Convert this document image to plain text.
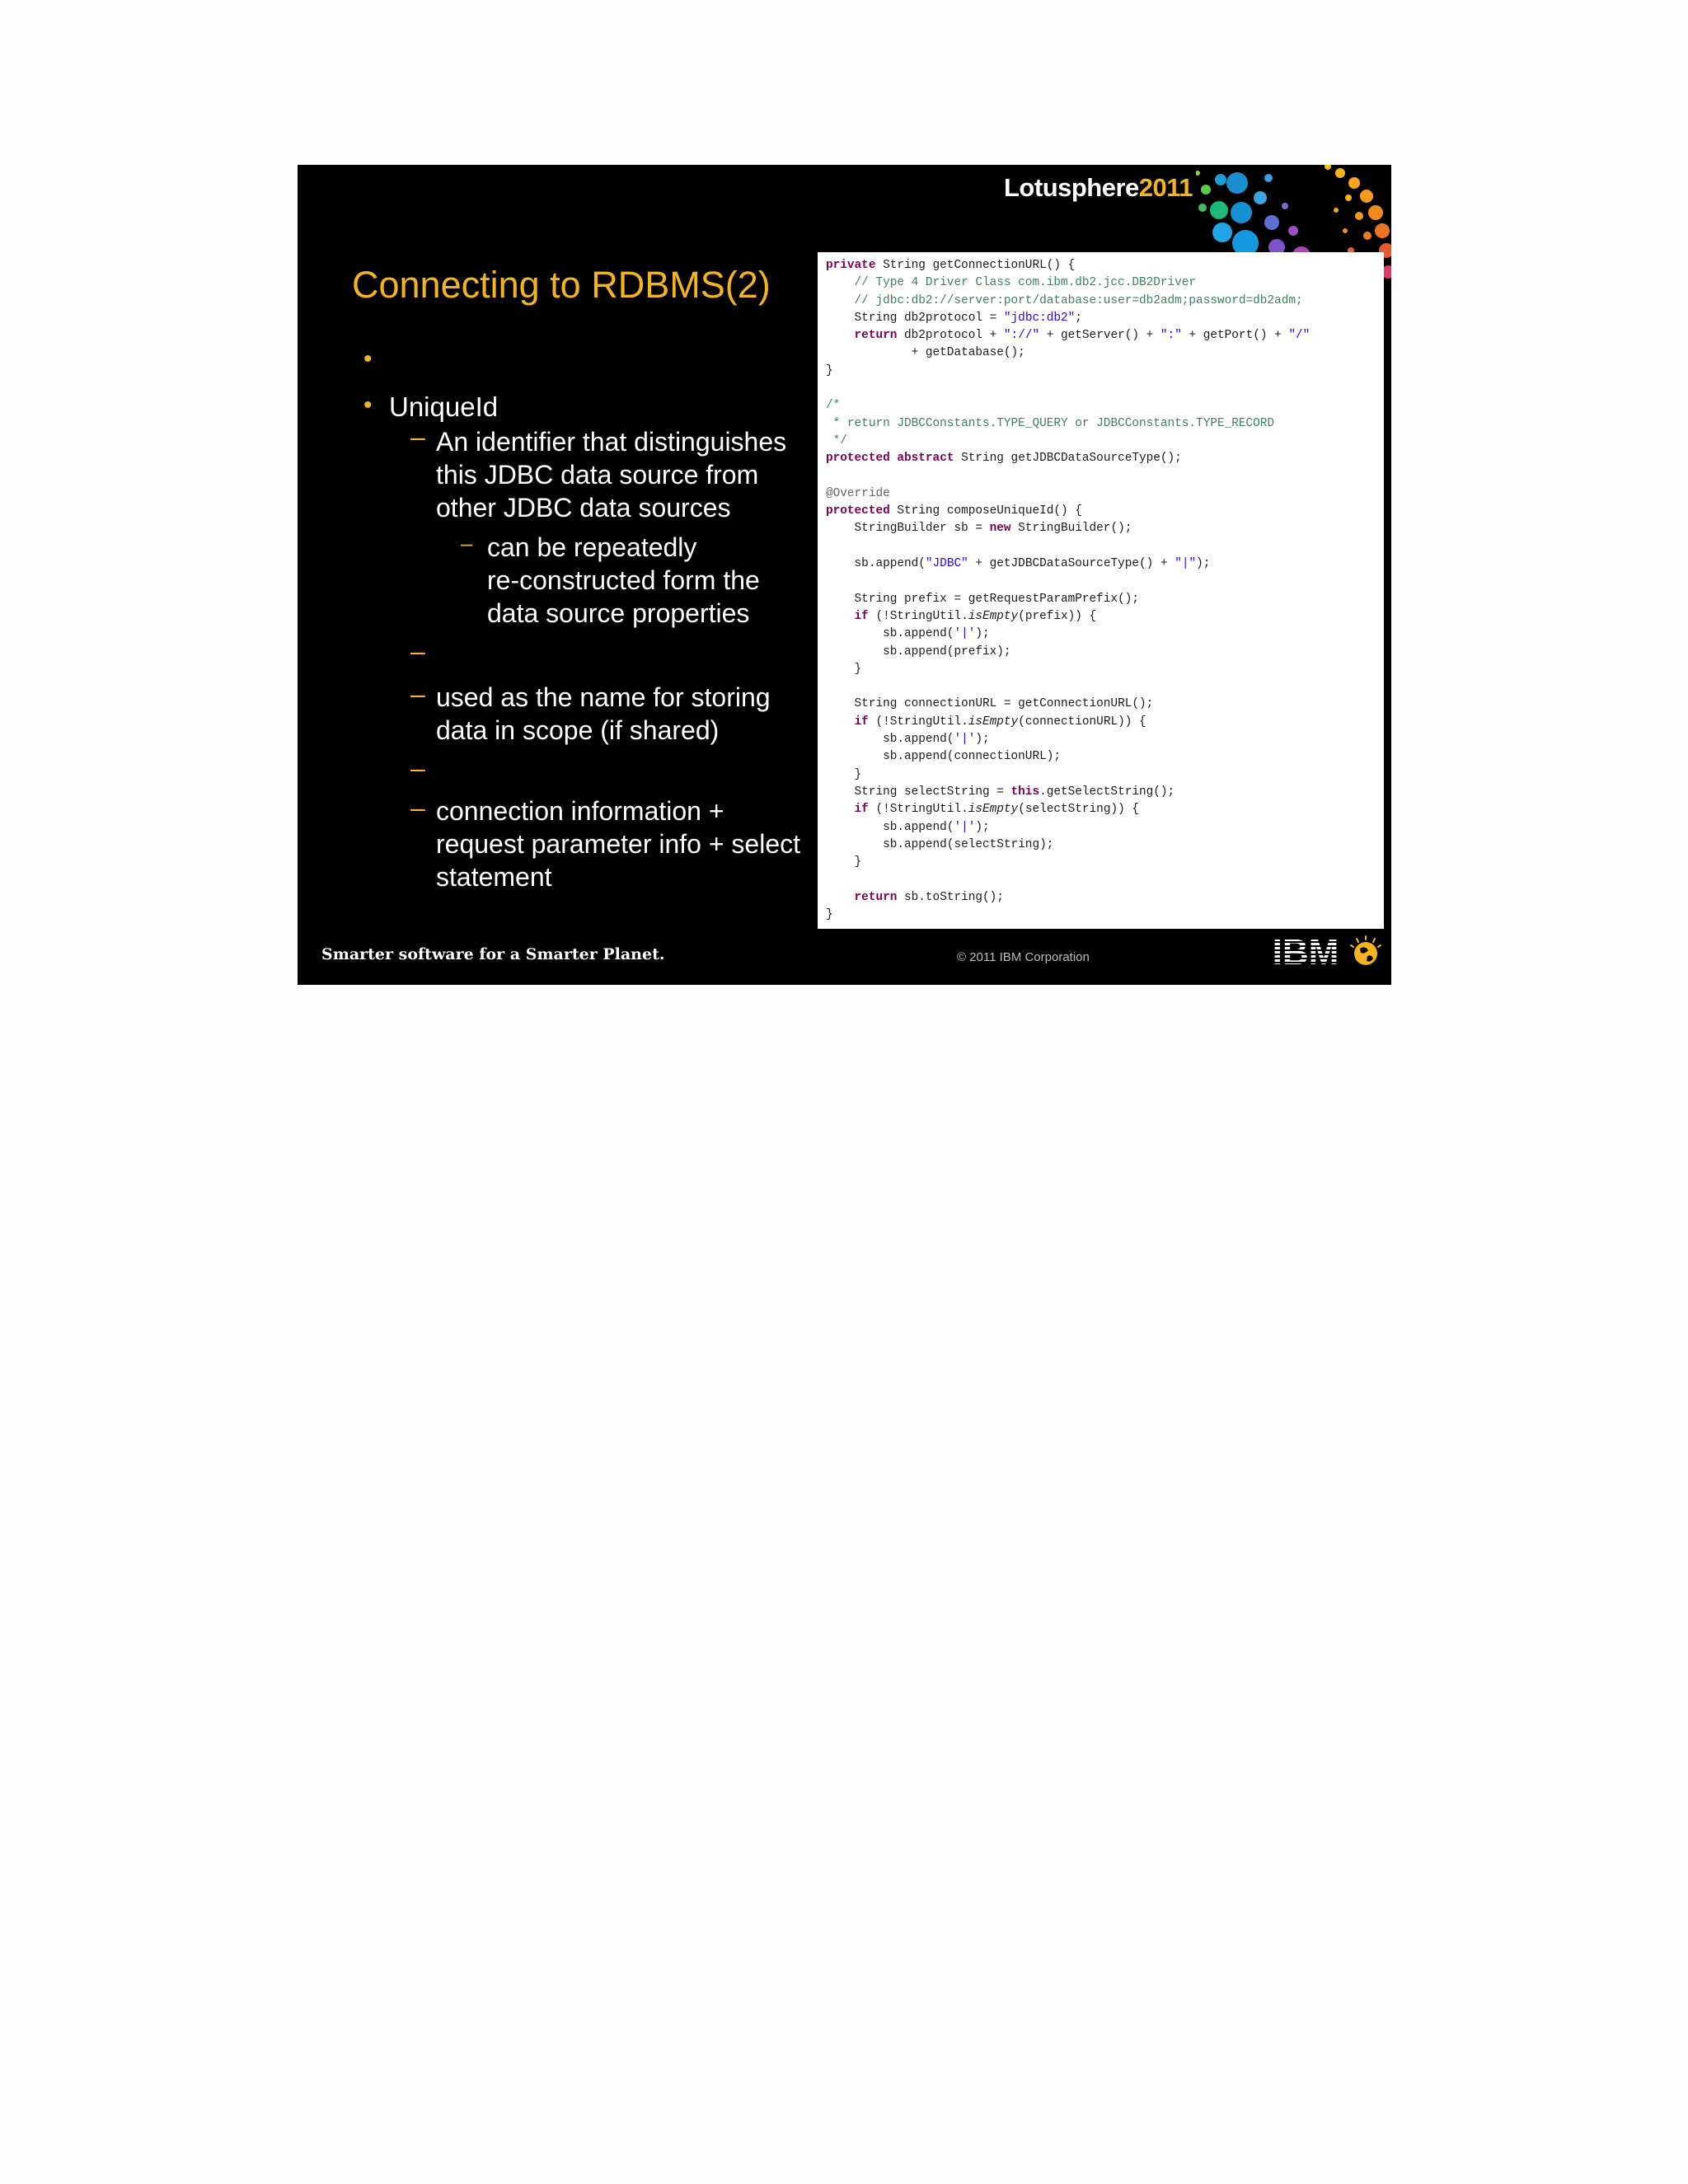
Lotusphere2011
Connecting to RDBMS(2)
•
• UniqueId
– An identifier that distinguishes
this JDBC data source from
other JDBC data sources
– can be repeatedly
re-constructed form the
data source properties
–
– used as the name for storing
data in scope (if shared)
–
– connection information +
request parameter info + select
statement
private String getConnectionURL() {
// Type 4 Driver Class com.ibm.db2.jcc.DB2Driver
// jdbc:db2://server:port/database:user=db2adm;password=db2adm;
String db2protocol = "jdbc:db2";
return db2protocol + "://" + getServer() + ":" + getPort() + "/"
+ getDatabase();
}

/*
* return JDBCConstants.TYPE_QUERY or JDBCConstants.TYPE_RECORD
*/
protected abstract String getJDBCDataSourceType();

@Override
protected String composeUniqueId() {
StringBuilder sb = new StringBuilder();

sb.append("JDBC" + getJDBCDataSourceType() + "|");

String prefix = getRequestParamPrefix();
if (!StringUtil.isEmpty(prefix)) {
sb.append('|');
sb.append(prefix);
}

String connectionURL = getConnectionURL();
if (!StringUtil.isEmpty(connectionURL)) {
sb.append('|');
sb.append(connectionURL);
}
String selectString = this.getSelectString();
if (!StringUtil.isEmpty(selectString)) {
sb.append('|');
sb.append(selectString);
}

return sb.toString();
}
Smarter software for a Smarter Planet.	© 2011 IBM Corporation	IBM
